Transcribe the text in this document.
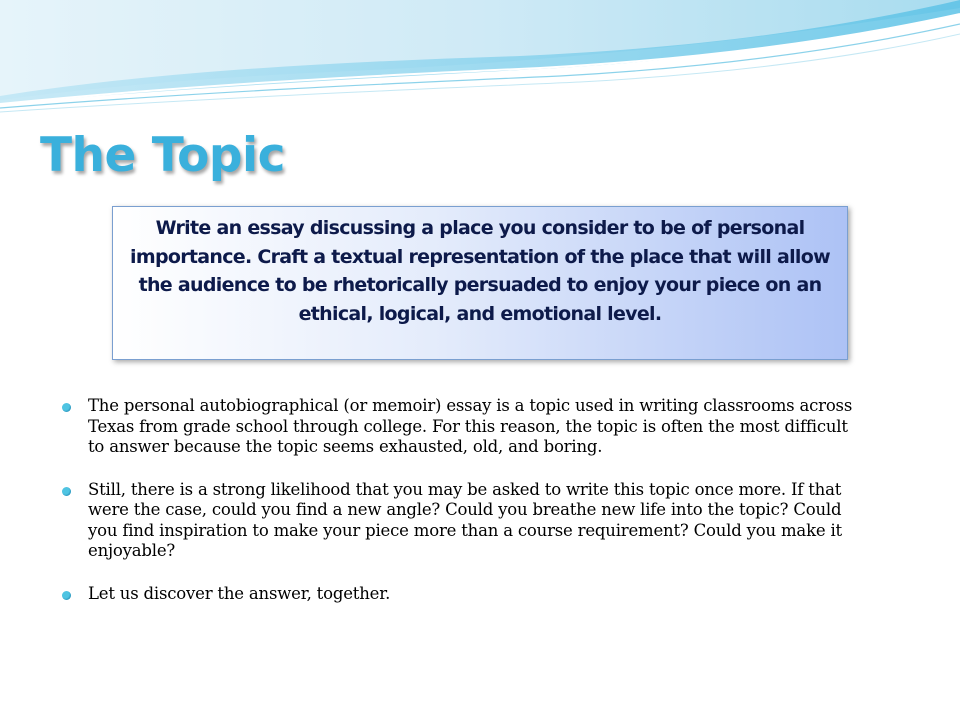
The Topic

Write an essay discussing a place you consider to be of personal importance. Craft a textual representation of the place that will allow the audience to be rhetorically persuaded to enjoy your piece on an ethical, logical, and emotional level.

The personal autobiographical (or memoir) essay is a topic used in writing classrooms across Texas from grade school through college. For this reason, the topic is often the most difficult to answer because the topic seems exhausted, old, and boring.
Still, there is a strong likelihood that you may be asked to write this topic once more. If that were the case, could you find a new angle? Could you breathe new life into the topic? Could you find inspiration to make your piece more than a course requirement? Could you make it enjoyable?
Let us discover the answer, together.
